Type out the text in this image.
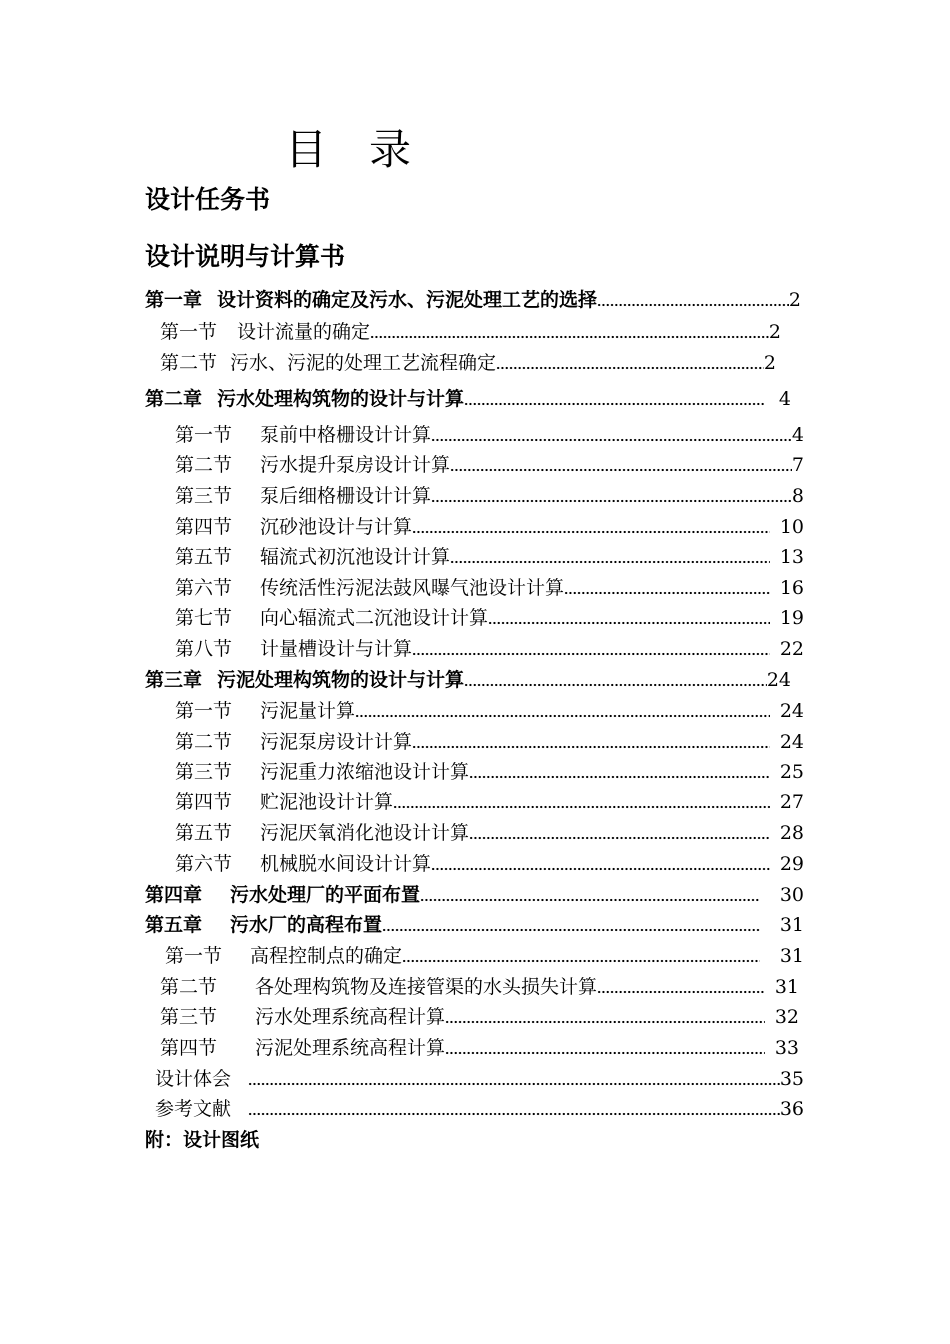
目　录
设计任务书
设计说明与计算书
第一章 设计资料的确定及污水、污泥处理工艺的选择	2
第一节	设计流量的确定	2
第二节 污水、污泥的处理工艺流程确定	2
第二章 污水处理构筑物的设计与计算	4
第一节	泵前中格栅设计计算	4
第二节	污水提升泵房设计计算	7
第三节	泵后细格栅设计计算	8
第四节	沉砂池设计与计算	10
第五节	辐流式初沉池设计计算	13
第六节	传统活性污泥法鼓风曝气池设计计算	16
第七节	向心辐流式二沉池设计计算	19
第八节	计量槽设计与计算	22
第三章 污泥处理构筑物的设计与计算	24
第一节	污泥量计算	24
第二节	污泥泵房设计计算	24
第三节	污泥重力浓缩池设计计算	25
第四节	贮泥池设计计算	27
第五节	污泥厌氧消化池设计计算	28
第六节	机械脱水间设计计算	29
第四章	污水处理厂的平面布置	30
第五章	污水厂的高程布置	31
第一节	高程控制点的确定	31
第二节	各处理构筑物及连接管渠的水头损失计算	31
第三节	污水处理系统高程计算	32
第四节	污泥处理系统高程计算	33
设计体会	35
参考文献	36
附：设计图纸
